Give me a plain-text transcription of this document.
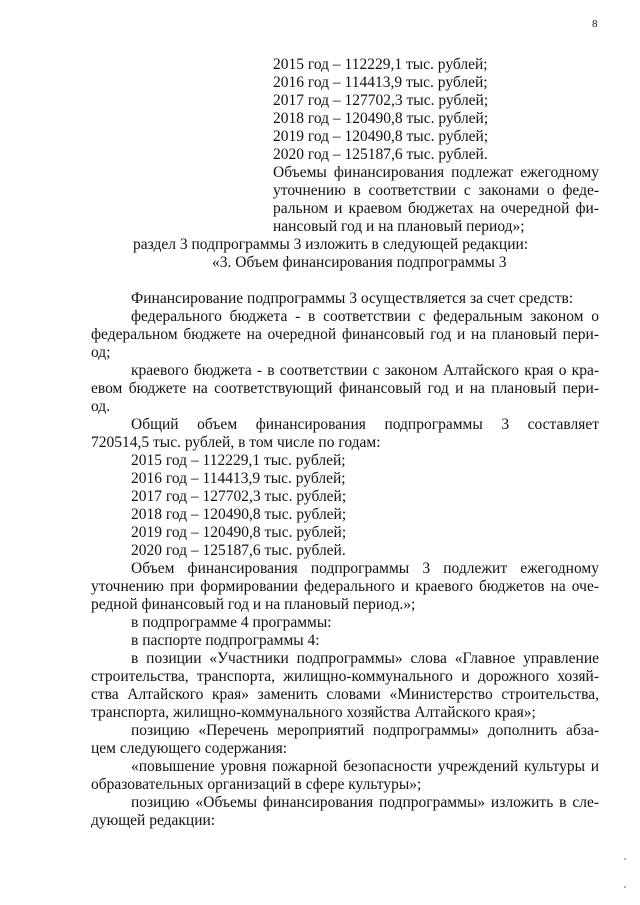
8
2015 год – 112229,1 тыс. рублей;
2016 год – 114413,9 тыс. рублей;
2017 год – 127702,3 тыс. рублей;
2018 год – 120490,8 тыс. рублей;
2019 год – 120490,8 тыс. рублей;
2020 год – 125187,6 тыс. рублей.
Объемы финансирования подлежат ежегодному
уточнению в соответствии с законами о феде-
ральном и краевом бюджетах на очередной фи-
нансовый год и на плановый период»;
раздел 3 подпрограммы 3 изложить в следующей редакции:
«3. Объем финансирования подпрограммы 3
Финансирование подпрограммы 3 осуществляется за счет средств:
федерального бюджета - в соответствии с федеральным законом о
федеральном бюджете на очередной финансовый год и на плановый пери-
од;
краевого бюджета - в соответствии с законом Алтайского края о кра-
евом бюджете на соответствующий финансовый год и на плановый пери-
од.
Общий объем финансирования подпрограммы 3 составляет
720514,5 тыс. рублей, в том числе по годам:
2015 год – 112229,1 тыс. рублей;
2016 год – 114413,9 тыс. рублей;
2017 год – 127702,3 тыс. рублей;
2018 год – 120490,8 тыс. рублей;
2019 год – 120490,8 тыс. рублей;
2020 год – 125187,6 тыс. рублей.
Объем финансирования подпрограммы 3 подлежит ежегодному
уточнению при формировании федерального и краевого бюджетов на оче-
редной финансовый год и на плановый период.»;
в подпрограмме 4 программы:
в паспорте подпрограммы 4:
в позиции «Участники подпрограммы» слова «Главное управление
строительства, транспорта, жилищно-коммунального и дорожного хозяй-
ства Алтайского края» заменить словами «Министерство строительства,
транспорта, жилищно-коммунального хозяйства Алтайского края»;
позицию «Перечень мероприятий подпрограммы» дополнить абза-
цем следующего содержания:
«повышение уровня пожарной безопасности учреждений культуры и
образовательных организаций в сфере культуры»;
позицию «Объемы финансирования подпрограммы» изложить в сле-
дующей редакции:
